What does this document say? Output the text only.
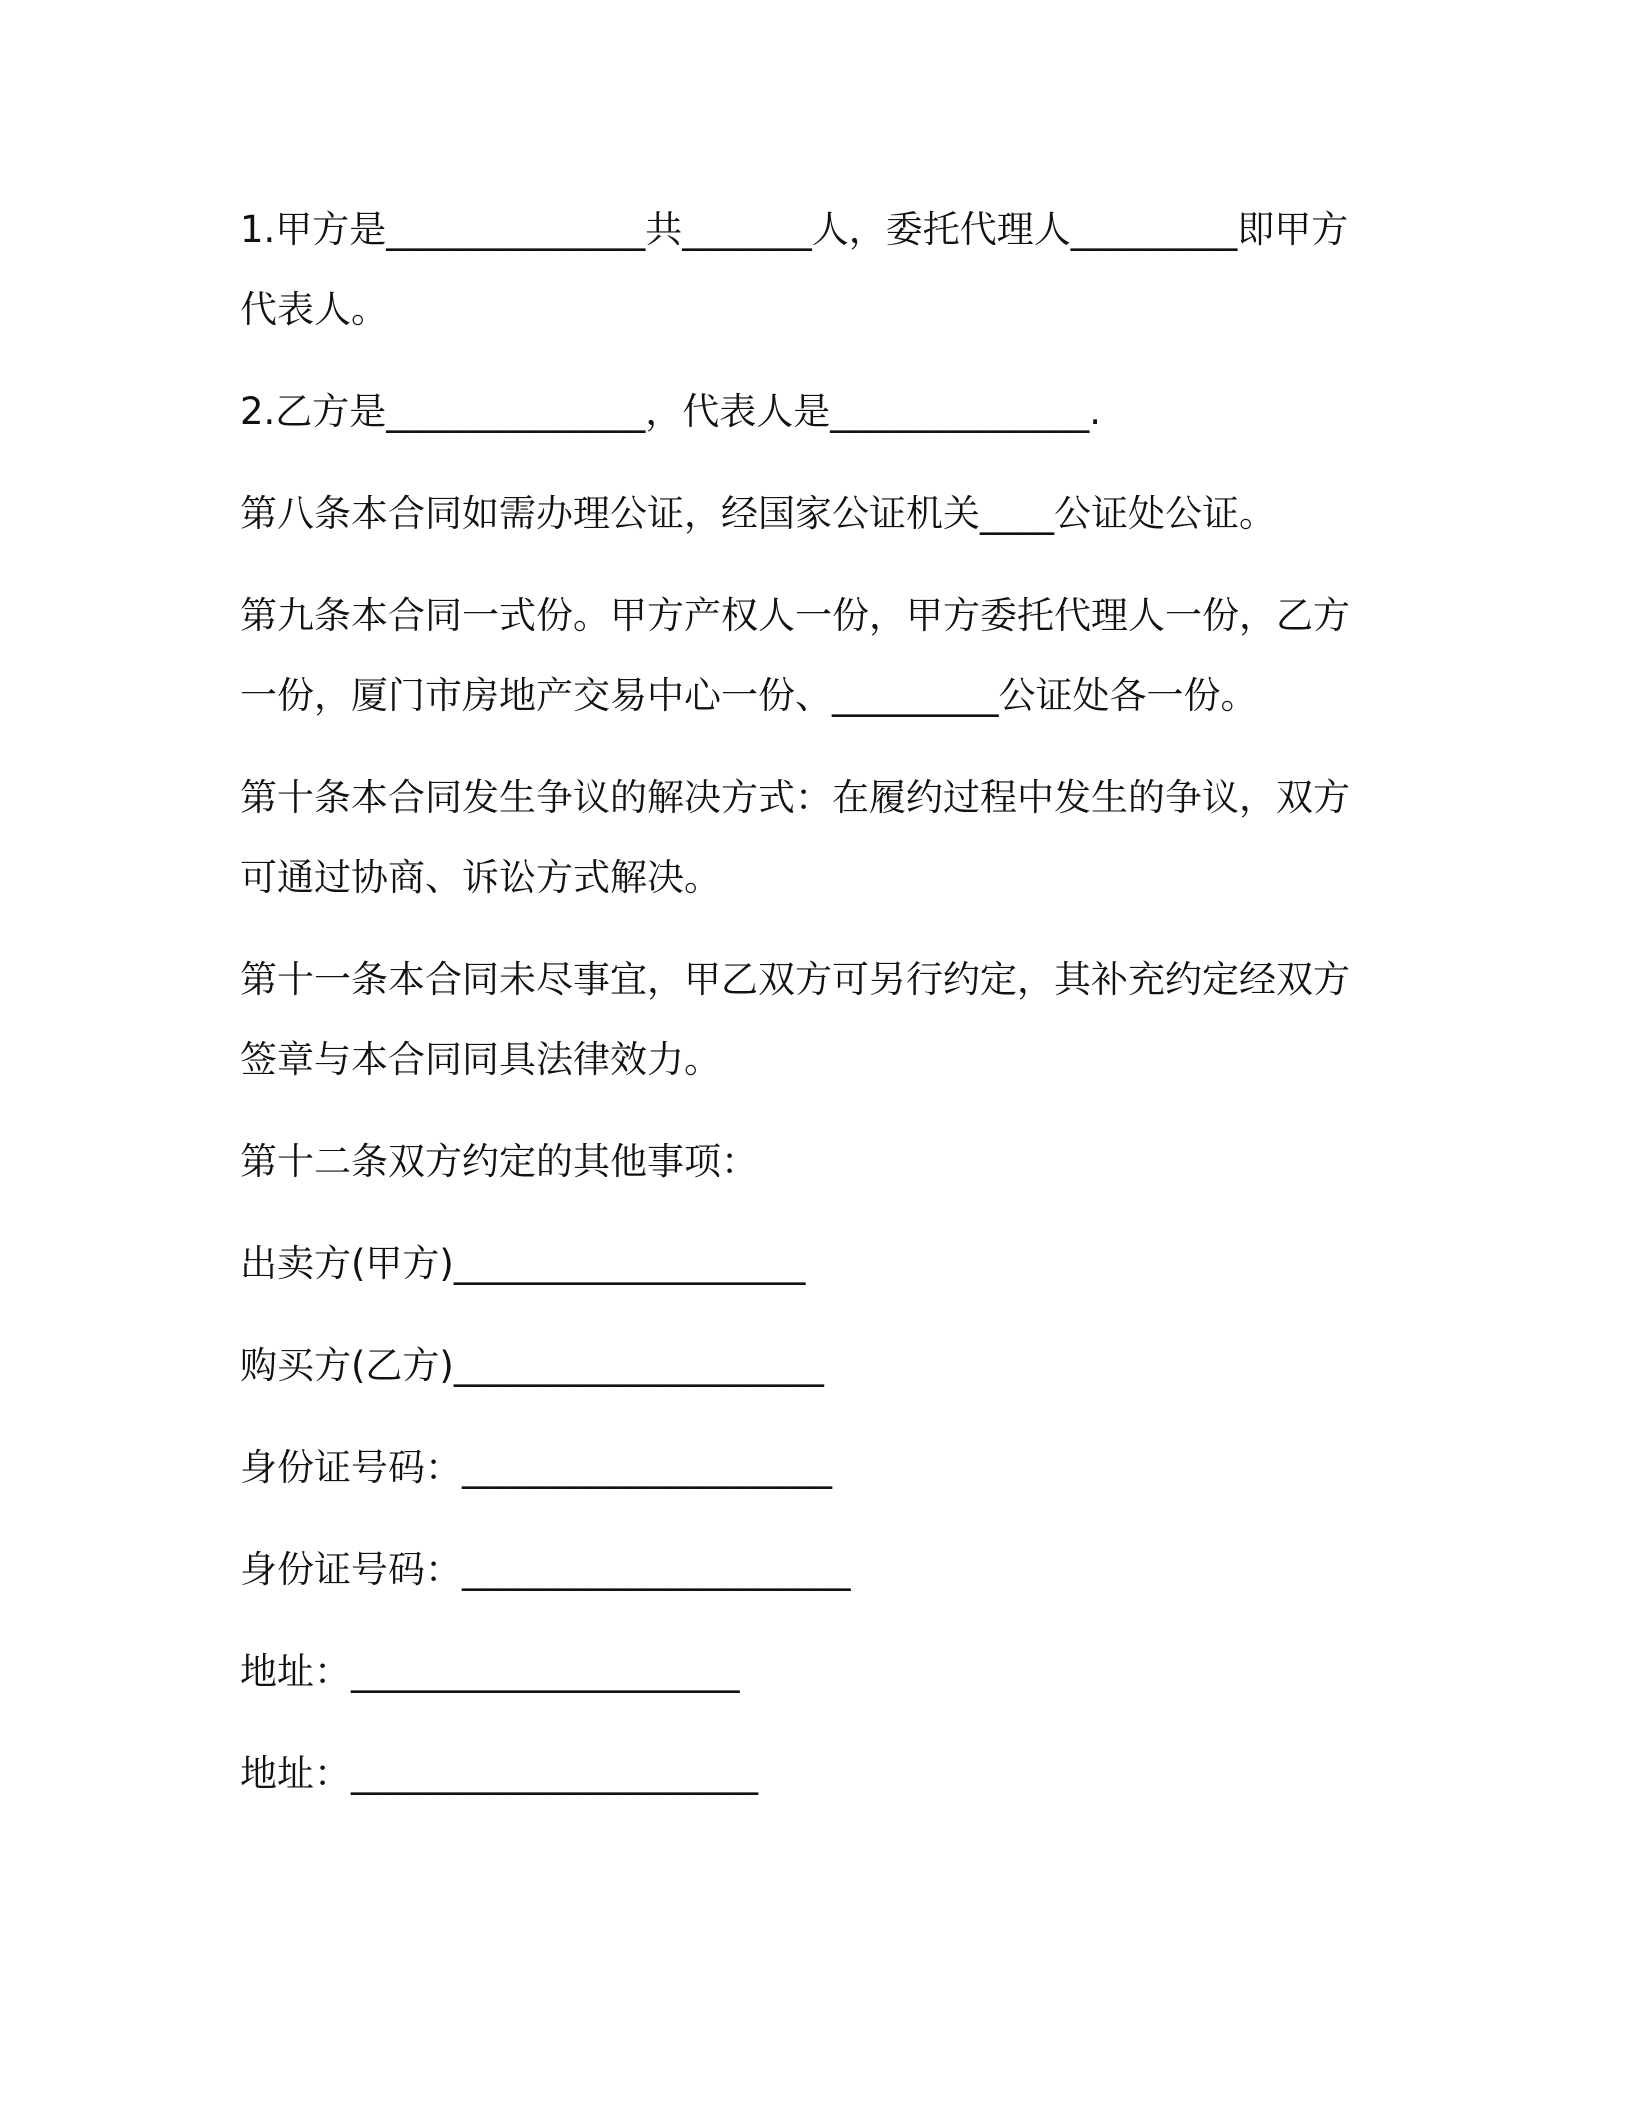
1.甲方是______________共_______人，委托代理人_________即甲方代表人。

2.乙方是______________，代表人是______________.

第八条本合同如需办理公证，经国家公证机关____公证处公证。

第九条本合同一式份。甲方产权人一份，甲方委托代理人一份，乙方一份，厦门市房地产交易中心一份、_________公证处各一份。

第十条本合同发生争议的解决方式：在履约过程中发生的争议，双方可通过协商、诉讼方式解决。

第十一条本合同未尽事宜，甲乙双方可另行约定，其补充约定经双方签章与本合同同具法律效力。

第十二条双方约定的其他事项：

出卖方(甲方)___________________

购买方(乙方)____________________

身份证号码：____________________

身份证号码：_____________________

地址：_____________________

地址：______________________
